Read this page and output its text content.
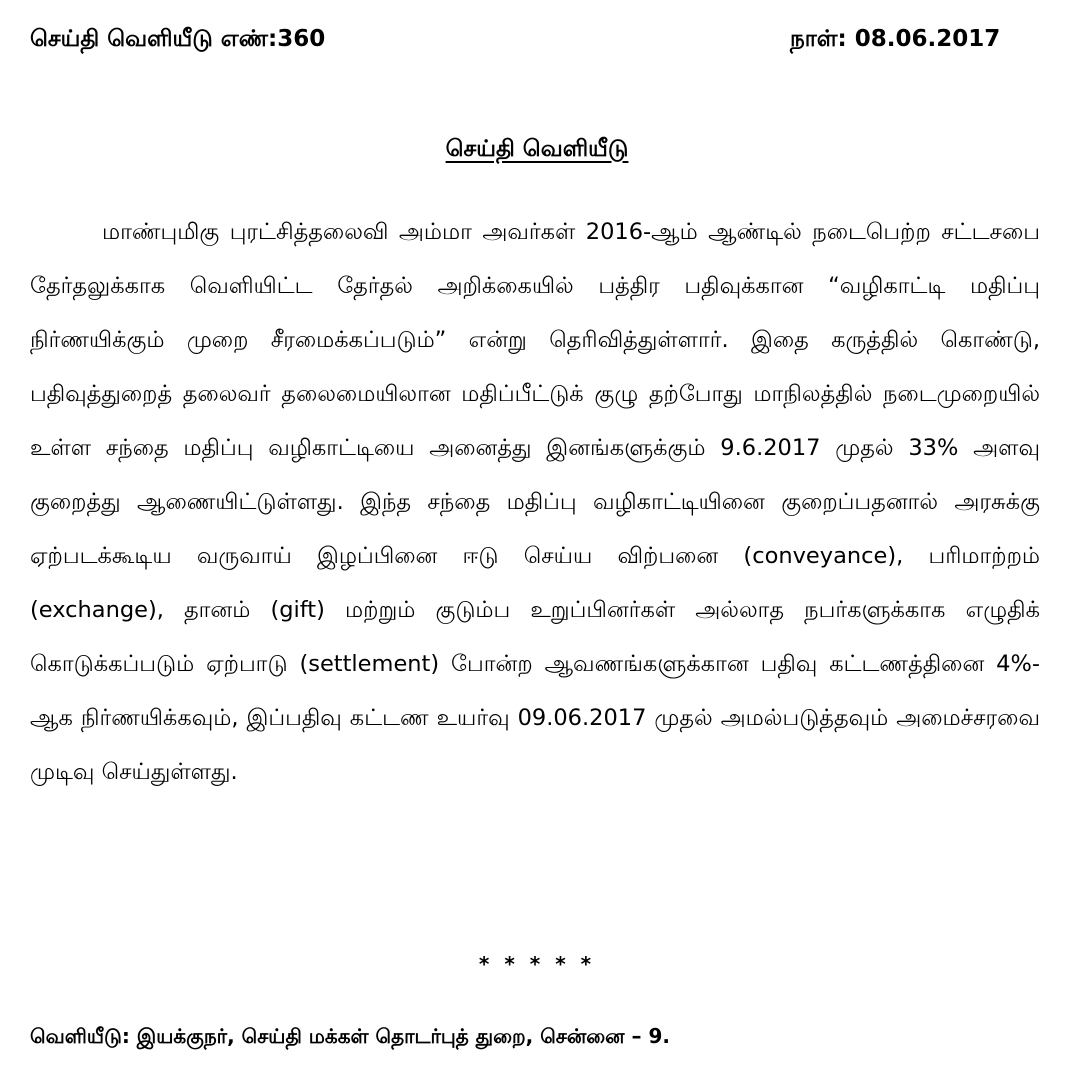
செய்தி வெளியீடு எண்:360	நாள்: 08.06.2017
செய்தி வெளியீடு

மாண்புமிகு புரட்சித்தலைவி அம்மா அவர்கள் 2016-ஆம் ஆண்டில் நடைபெற்ற சட்டசபை தேர்தலுக்காக வெளியிட்ட தேர்தல் அறிக்கையில் பத்திர பதிவுக்கான “வழிகாட்டி மதிப்பு நிர்ணயிக்கும் முறை சீரமைக்கப்படும்” என்று தெரிவித்துள்ளார். இதை கருத்தில் கொண்டு, பதிவுத்துறைத் தலைவர் தலைமையிலான மதிப்பீட்டுக் குழு தற்போது மாநிலத்தில் நடைமுறையில் உள்ள சந்தை மதிப்பு வழிகாட்டியை அனைத்து இனங்களுக்கும் 9.6.2017 முதல் 33% அளவு குறைத்து ஆணையிட்டுள்ளது. இந்த சந்தை மதிப்பு வழிகாட்டியினை குறைப்பதனால் அரசுக்கு ஏற்படக்கூடிய வருவாய் இழப்பினை ஈடு செய்ய விற்பனை (conveyance), பரிமாற்றம் (exchange), தானம் (gift) மற்றும் குடும்ப உறுப்பினர்கள் அல்லாத நபர்களுக்காக எழுதிக் கொடுக்கப்படும் ஏற்பாடு (settlement) போன்ற ஆவணங்களுக்கான பதிவு கட்டணத்தினை 4%-ஆக நிர்ணயிக்கவும், இப்பதிவு கட்டண உயர்வு 09.06.2017 முதல் அமல்படுத்தவும் அமைச்சரவை முடிவு செய்துள்ளது.

* * * * *
வெளியீடு: இயக்குநர், செய்தி மக்கள் தொடர்புத் துறை, சென்னை – 9.
